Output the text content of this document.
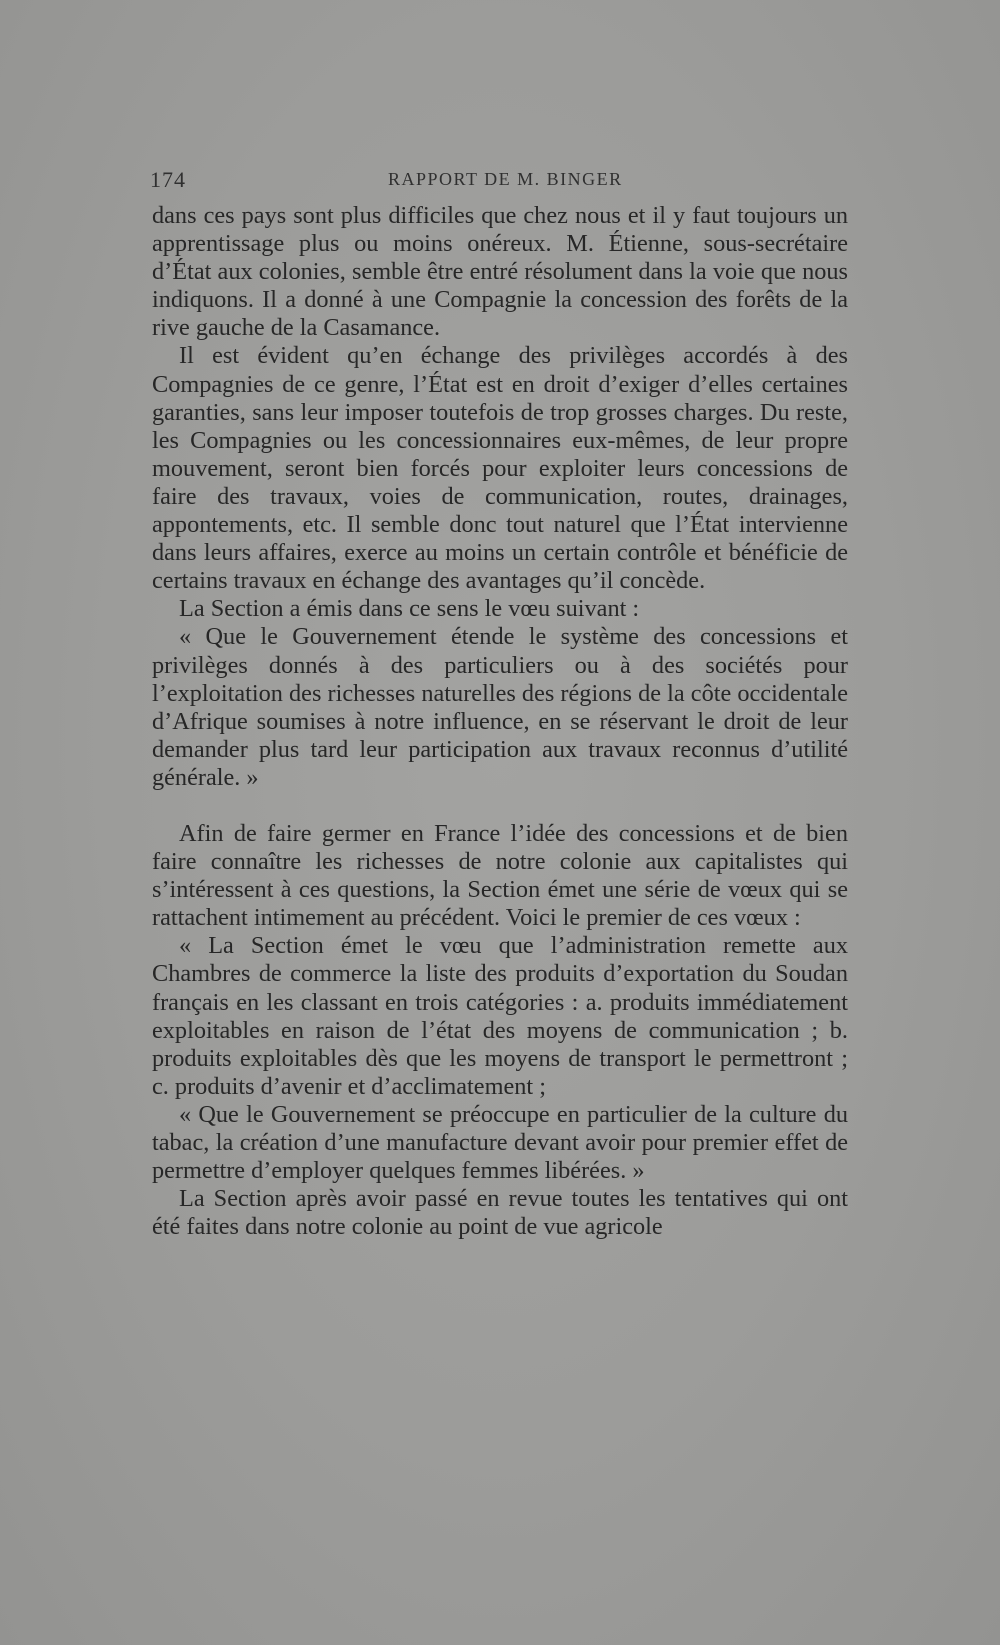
174	RAPPORT DE M. BINGER

dans ces pays sont plus difficiles que chez nous et il y faut toujours un apprentissage plus ou moins onéreux. M. Étienne, sous-secrétaire d’État aux colonies, semble être entré résolument dans la voie que nous indiquons. Il a donné à une Compagnie la concession des forêts de la rive gauche de la Casamance.

Il est évident qu’en échange des privilèges accordés à des Compagnies de ce genre, l’État est en droit d’exiger d’elles certaines garanties, sans leur imposer toutefois de trop grosses charges. Du reste, les Compagnies ou les concessionnaires eux-mêmes, de leur propre mouvement, seront bien forcés pour exploiter leurs concessions de faire des travaux, voies de communication, routes, drainages, appontements, etc. Il semble donc tout naturel que l’État intervienne dans leurs affaires, exerce au moins un certain contrôle et bénéficie de certains travaux en échange des avantages qu’il concède.

La Section a émis dans ce sens le vœu suivant :

« Que le Gouvernement étende le système des concessions et privilèges donnés à des particuliers ou à des sociétés pour l’exploitation des richesses naturelles des régions de la côte occidentale d’Afrique soumises à notre influence, en se réservant le droit de leur demander plus tard leur participation aux travaux reconnus d’utilité générale. »

Afin de faire germer en France l’idée des concessions et de bien faire connaître les richesses de notre colonie aux capitalistes qui s’intéressent à ces questions, la Section émet une série de vœux qui se rattachent intimement au précédent. Voici le premier de ces vœux :

« La Section émet le vœu que l’administration remette aux Chambres de commerce la liste des produits d’exportation du Soudan français en les classant en trois catégories : a. produits immédiatement exploitables en raison de l’état des moyens de communication ; b. produits exploitables dès que les moyens de transport le permettront ; c. produits d’avenir et d’acclimatement ;

« Que le Gouvernement se préoccupe en particulier de la culture du tabac, la création d’une manufacture devant avoir pour premier effet de permettre d’employer quelques femmes libérées. »

La Section après avoir passé en revue toutes les tentatives qui ont été faites dans notre colonie au point de vue agricole
